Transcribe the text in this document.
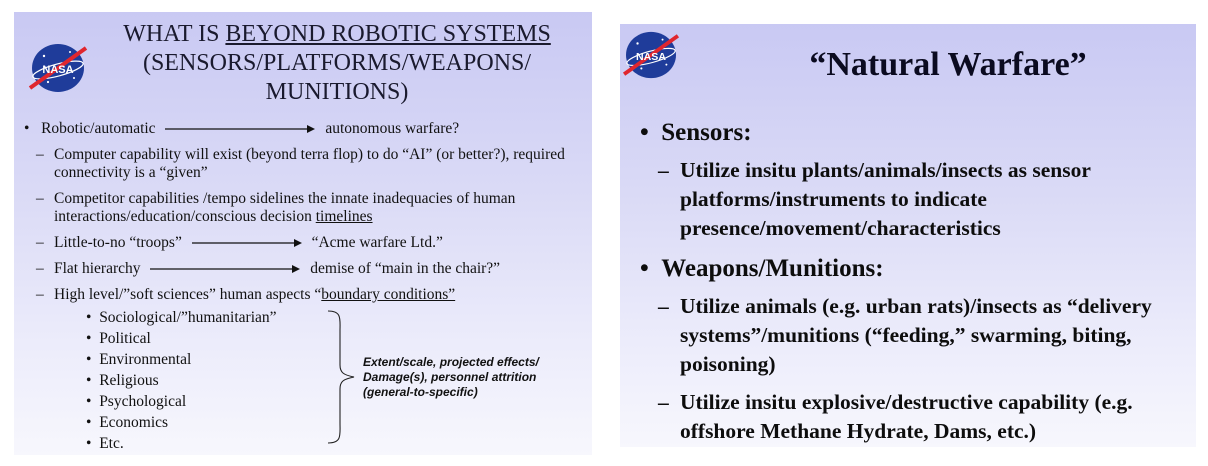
NASA
WHAT IS BEYOND ROBOTIC SYSTEMS
(SENSORS/PLATFORMS/WEAPONS/
MUNITIONS)
•   Robotic/automatic	autonomous warfare?
– Computer capability will exist (beyond terra flop) to do “AI” (or better?), required connectivity is a “given”
– Competitor capabilities /tempo sidelines the innate inadequacies of human interactions/education/conscious decision timelines
– Little-to-no “troops”	“Acme warfare Ltd.”
– Flat hierarchy	demise of “main in the chair?”
– High level/”soft sciences” human aspects “boundary conditions”
•  Sociological/”humanitarian”
•  Political
•  Environmental
•  Religious
•  Psychological
•  Economics
•  Etc.
Extent/scale, projected effects/ Damage(s), personnel attrition (general-to-specific)
NASA	“Natural Warfare”
•  Sensors:
– Utilize insitu plants/animals/insects as sensor platforms/instruments to indicate presence/movement/characteristics
•  Weapons/Munitions:
– Utilize animals (e.g. urban rats)/insects as “delivery systems”/munitions (“feeding,” swarming, biting, poisoning)
– Utilize insitu explosive/destructive capability (e.g. offshore Methane Hydrate, Dams, etc.)
